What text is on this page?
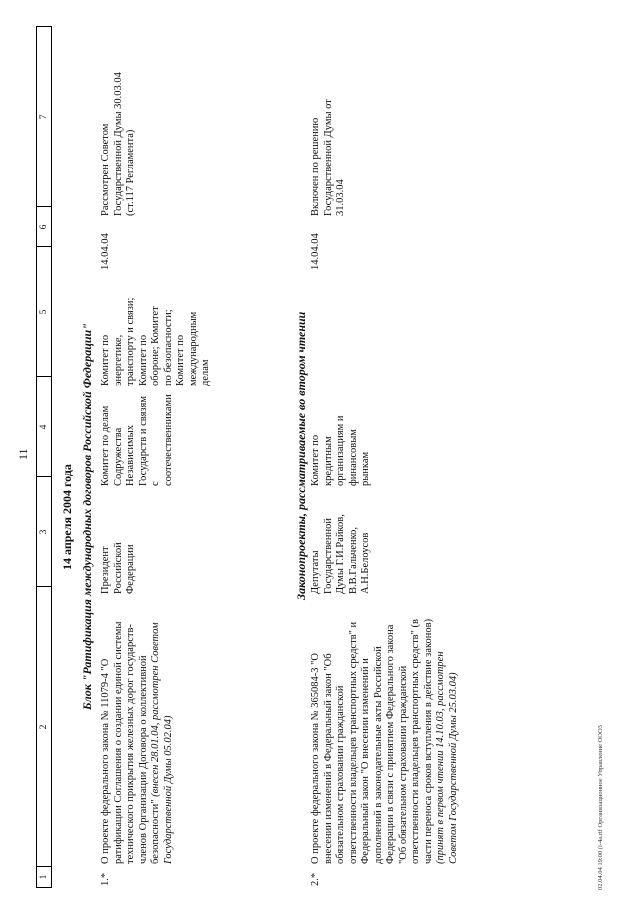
11
1
2
3
4
5
6
7
14 апреля 2004 года Блок "Ратификация международных договоров Российской Федерации"
1.*
О проекте федерального закона № 11079-4 "О ратификации Соглашения о создании единой системы технического прикрытия железных дорог государств-членов Организации Договора о коллективной безопасности" (внесен 28.01.04, рассмотрен Советом Государственной Думы 05.02.04)
Президент Российской Федерации
Комитет по делам Содружества Независимых Государств и связям с соотечественниками
Комитет по энергетике, транспорту и связи; Комитет по обороне; Комитет по безопасности; Комитет по международным делам
14.04.04
Рассмотрен Советом Государственной Думы 30.03.04 (ст.117 Регламента)
Законопроекты, рассматриваемые во втором чтении
2.*
О проекте федерального закона № 365084-3 "О внесении изменений в Федеральный закон "Об обязательном страховании гражданской ответственности владельцев транспортных средств" и Федеральный закон "О внесении изменений и дополнений в законодательные акты Российской Федерации в связи с принятием Федерального закона "Об обязательном страховании гражданской ответственности владельцев транспортных средств" (в части переноса сроков вступления в действие законов) (принят в первом чтении 14.10.03, рассмотрен Советом Государственной Думы 25.03.04)
Депутаты Государственной Думы Г.И.Райков, В.В.Гальченко, А.Н.Белоусов
Комитет по кредитным организациям и финансовым рынкам
14.04.04
Включен по решению Государственной Думы от 31.03.04
02.04.04 19:00 (i-4a.rtf Организационное Управление ООО3
